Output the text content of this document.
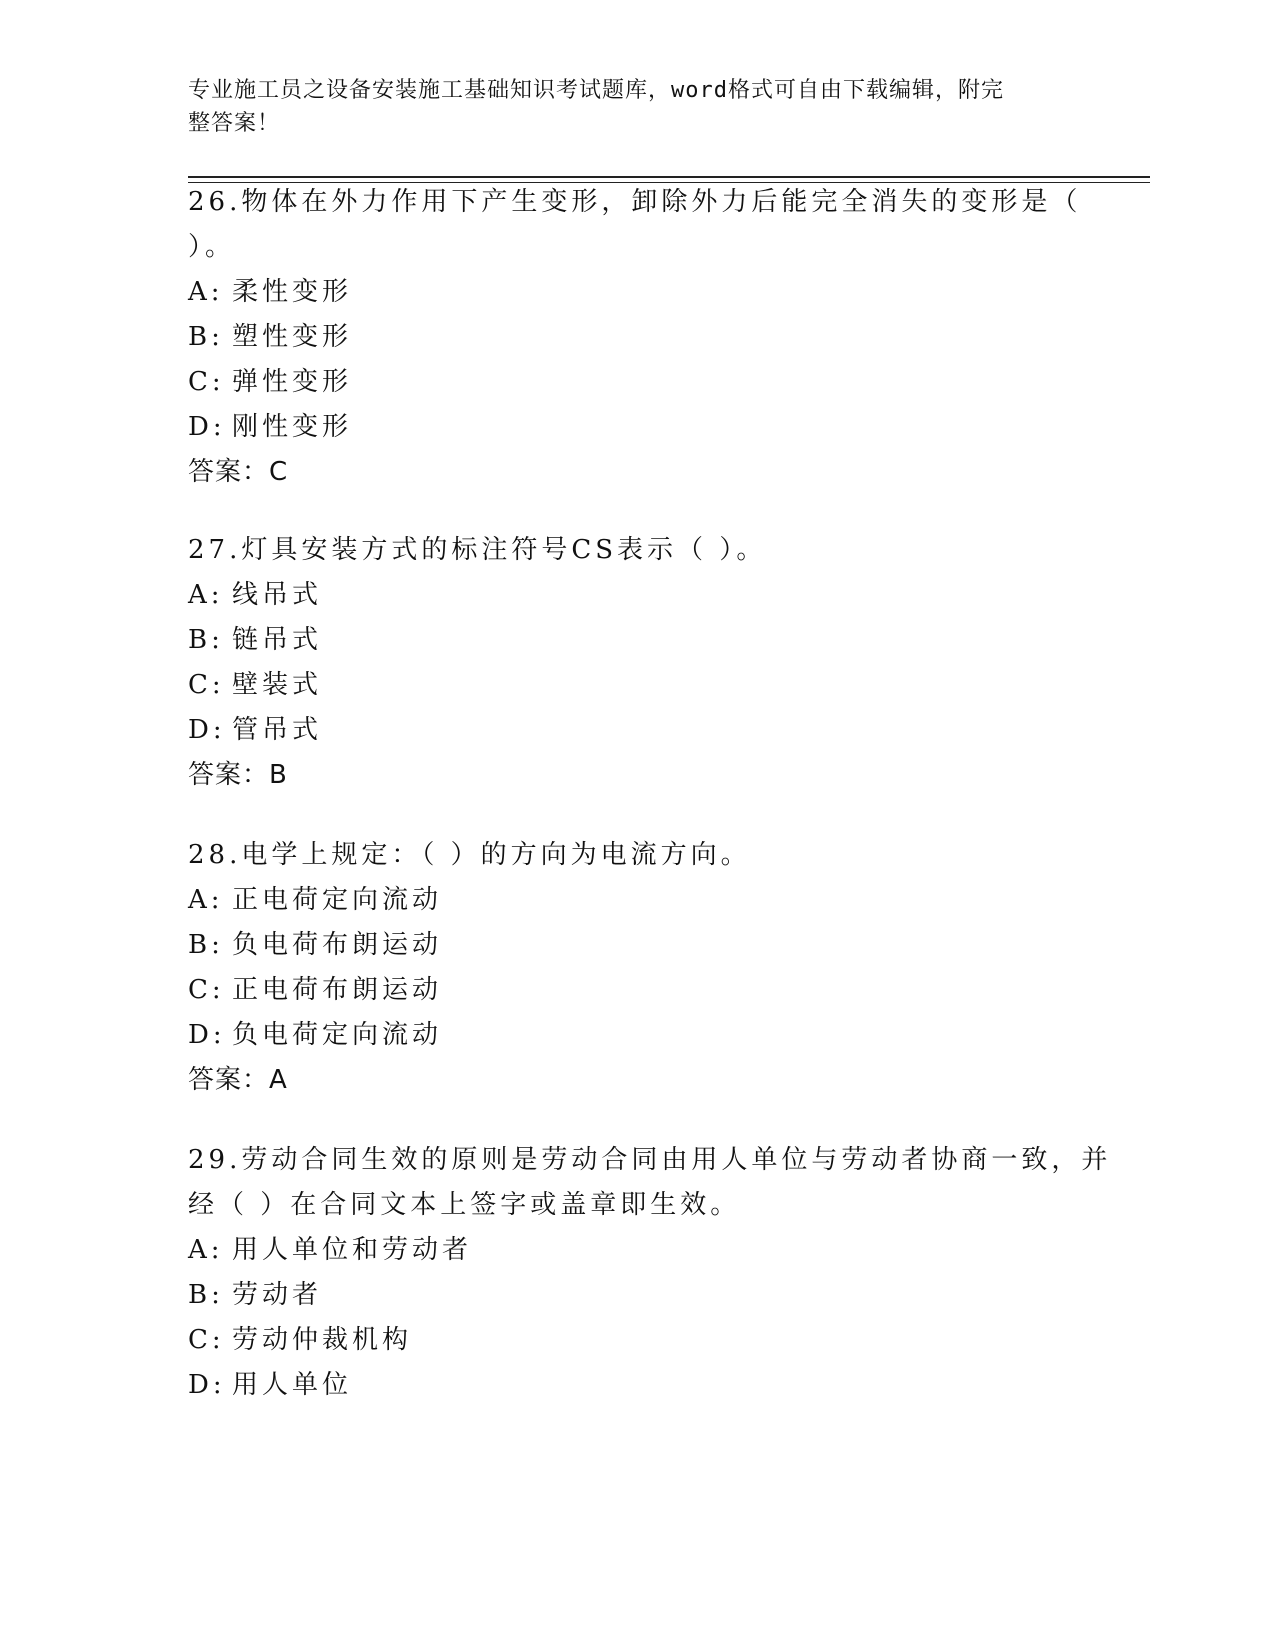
专业施工员之设备安装施工基础知识考试题库，word格式可自由下载编辑，附完
整答案！
26.物体在外力作用下产生变形，卸除外力后能完全消失的变形是（
）。
A: 柔性变形
B: 塑性变形
C: 弹性变形
D: 刚性变形
答案：C
27.灯具安装方式的标注符号CS表示（ ）。
A: 线吊式
B: 链吊式
C: 壁装式
D: 管吊式
答案：B
28.电学上规定：（ ）的方向为电流方向。
A: 正电荷定向流动
B: 负电荷布朗运动
C: 正电荷布朗运动
D: 负电荷定向流动
答案：A
29.劳动合同生效的原则是劳动合同由用人单位与劳动者协商一致，并
经（ ）在合同文本上签字或盖章即生效。
A: 用人单位和劳动者
B: 劳动者
C: 劳动仲裁机构
D: 用人单位
